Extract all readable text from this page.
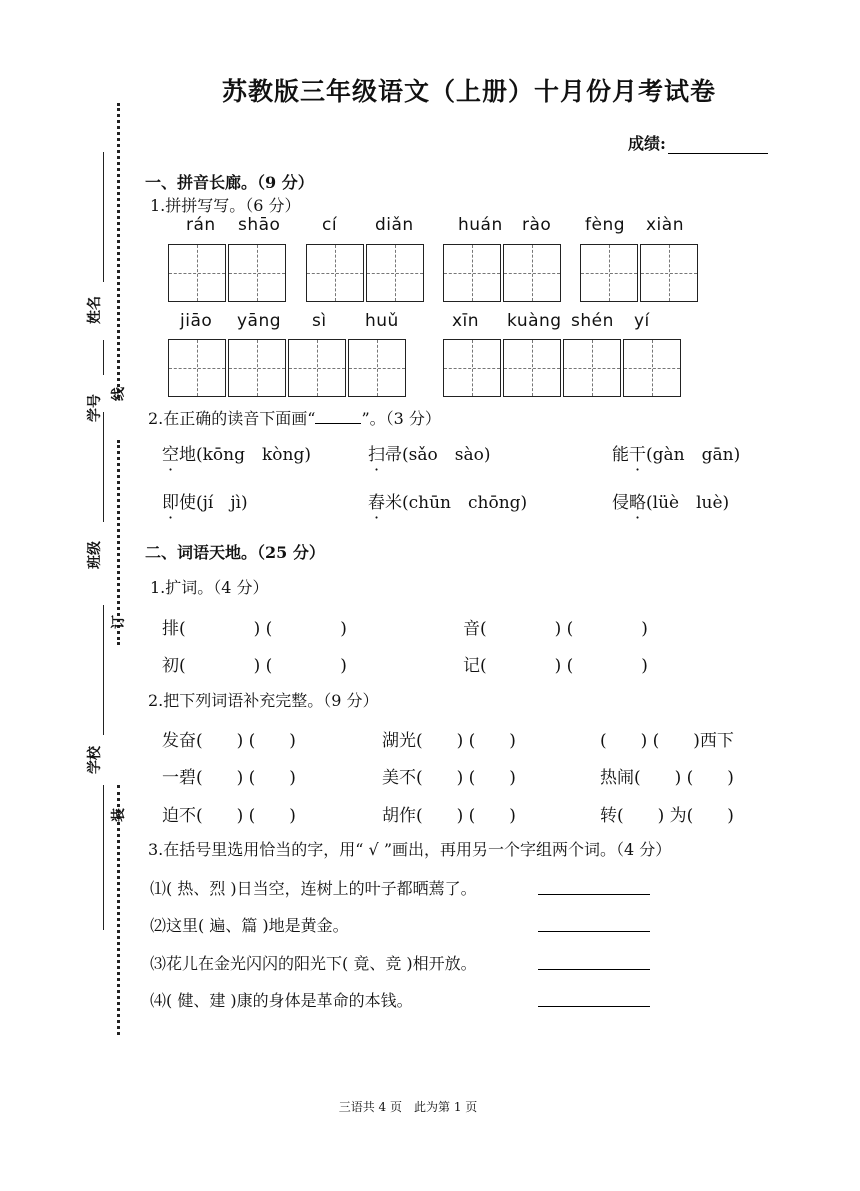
苏教版三年级语文（上册）十月份月考试卷
成绩:
姓名
学号 线
班级
订
学校
装
一、拼音长廊。（9 分）
1.拼拼写写。（6 分）
rán shāo cí diǎn	huán rào fèng xiàn
jiāo yāng sì huǔ	xīn kuàng shén yí
2.在正确的读音下面画“	”。（3 分）
空地(kōng　kòng)	扫帚(sǎo　sào)	能干(gàn　gān)
即使(jí　jì)	舂米(chūn　chōng)	侵略(lüè　luè)
二、词语天地。（25 分）
1.扩词。（4 分）
排(　　　　) (　　　　)	音(　　　　) (　　　　)
初(　　　　) (　　　　)	记(　　　　) (　　　　)
2.把下列词语补充完整。（9 分）
发奋(　　) (　　)	湖光(　　) (　　)	(　　) (　　)西下
一碧(　　) (　　)	美不(　　) (　　)	热闹(　　) (　　)
迫不(　　) (　　)	胡作(　　) (　　)	转(　　) 为(　　)
3.在括号里选用恰当的字，用“ √ ”画出，再用另一个字组两个词。（4 分）
⑴( 热、烈 )日当空，连树上的叶子都晒蔫了。
⑵这里( 遍、篇 )地是黄金。
⑶花儿在金光闪闪的阳光下( 竟、竞 )相开放。
⑷( 健、建 )康的身体是革命的本钱。
三语共 4 页　此为第 1 页
